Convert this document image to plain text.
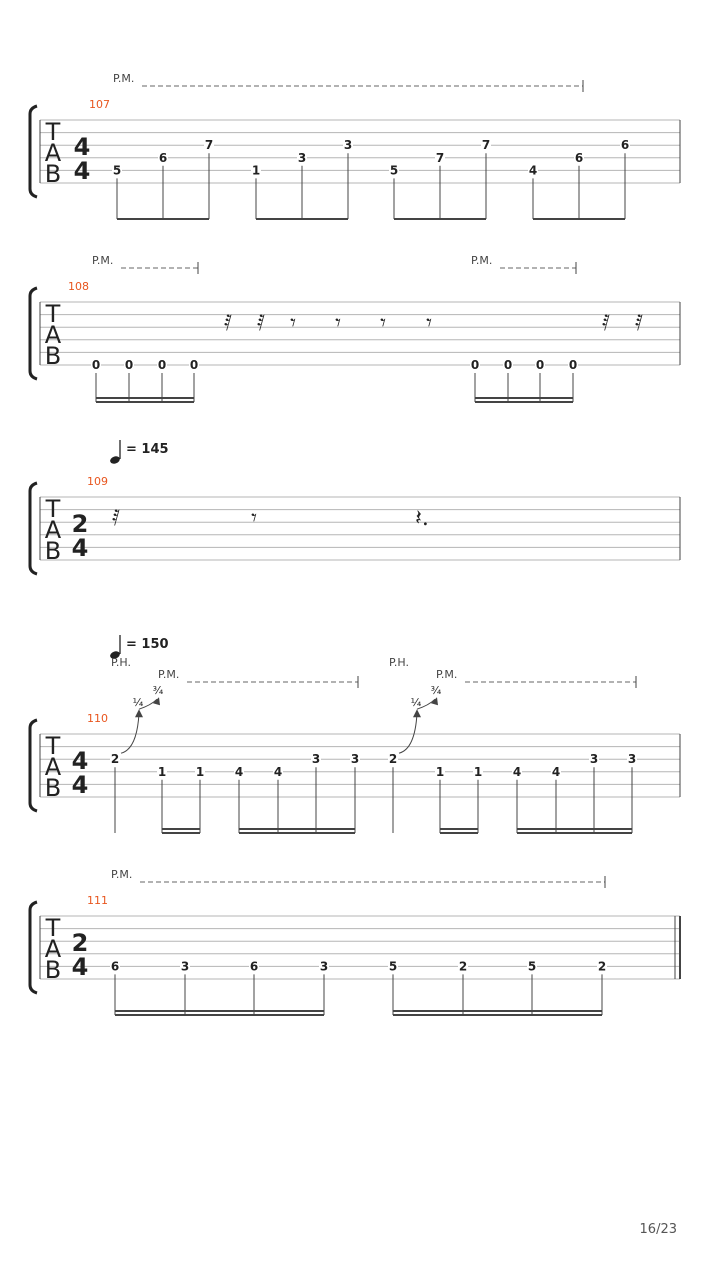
T
A
B
107
4
4
P.M.
5
6
7
1
3
3
5
7
7
4
6
6
T
A
B
108
P.M.	P.M.
0 0 0 0	0 0 0 0
𝅀 𝅀 𝄾 𝄾 𝄾 𝄾	𝅀 𝅀
T
A
B
109
2
4
= 145
𝅀	𝄾	𝄽.
T
A
B
110
4
4
= 150
P.H.
P.M.
P.H.
P.M.
2
1 1	4	4
3	3 2
1 1	4	4
3 3
¼
¾
¼
¾
T
A
B
111
2
4
P.M.
6	3	6	3	5	2	5	2
16/23
